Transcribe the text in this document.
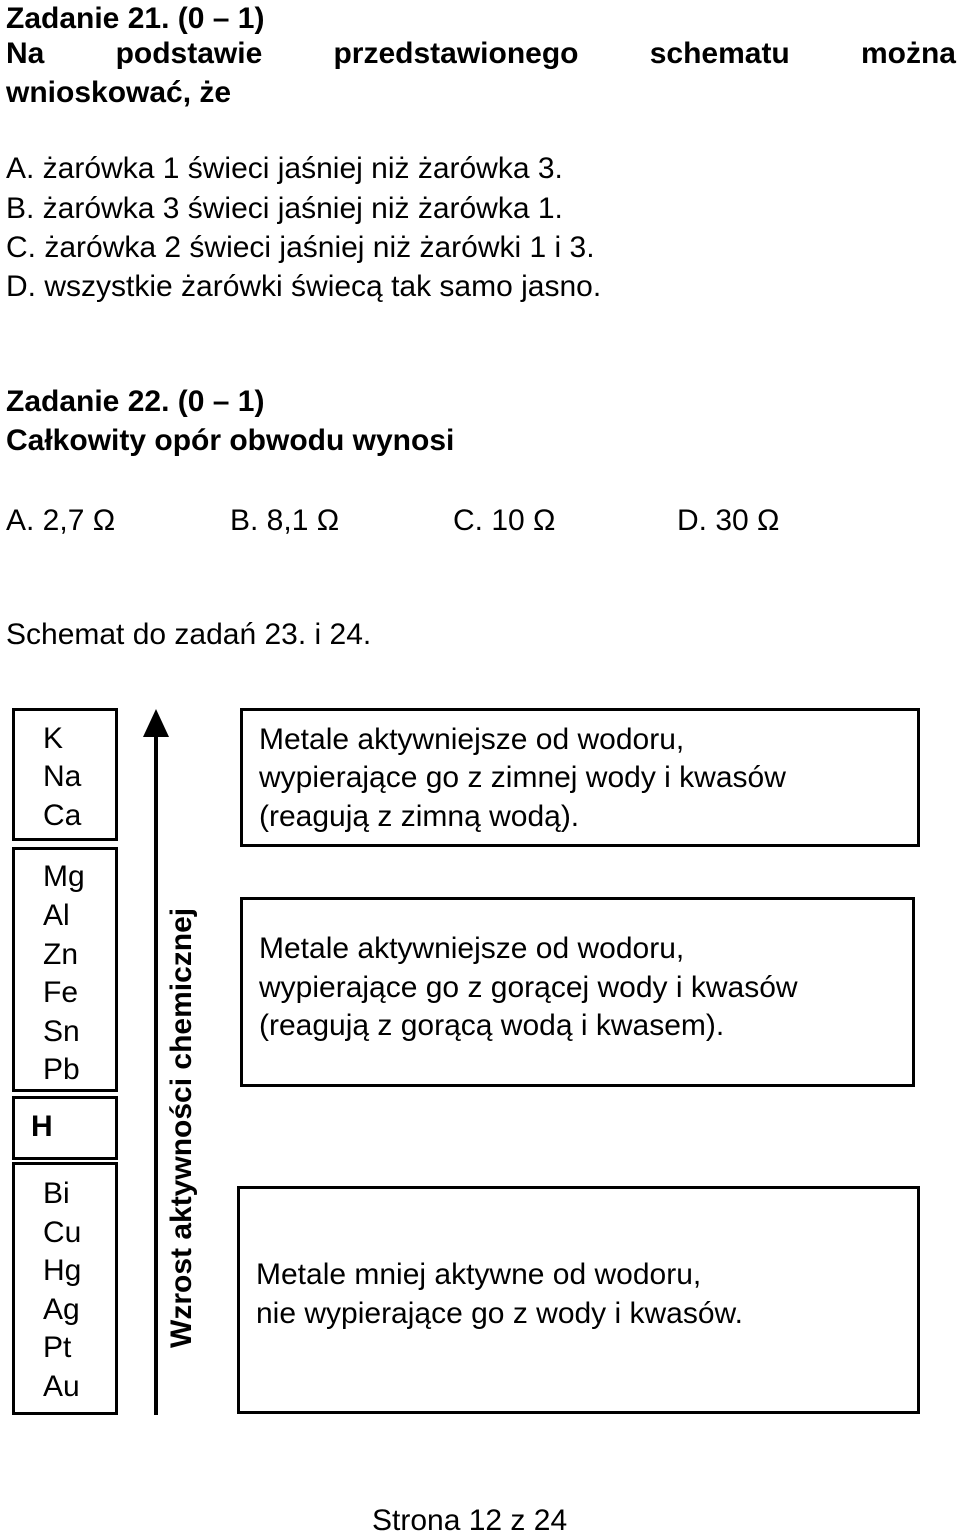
Zadanie 21. (0 – 1)
Na podstawie przedstawionego schematu można
wnioskować, że
A. żarówka 1 świeci jaśniej niż żarówka 3.
B. żarówka 3 świeci jaśniej niż żarówka 1.
C. żarówka 2 świeci jaśniej niż żarówki 1 i 3.
D. wszystkie żarówki świecą tak samo jasno.
Zadanie 22. (0 – 1)
Całkowity opór obwodu wynosi
A. 2,7 Ω	B. 8,1 Ω	C. 10 Ω	D. 30 Ω
Schemat do zadań 23. i 24.
K
Na
Ca
Mg
Al
Zn
Fe
Sn
Pb
H
Bi
Cu
Hg
Ag
Pt
Au
Wzrost aktywności chemicznej
Metale aktywniejsze od wodoru,
wypierające go z zimnej wody i kwasów
(reagują z zimną wodą).
Metale aktywniejsze od wodoru,
wypierające go z gorącej wody i kwasów
(reagują z gorącą wodą i kwasem).
Metale mniej aktywne od wodoru,
nie wypierające go z wody i kwasów.
Strona 12 z 24
